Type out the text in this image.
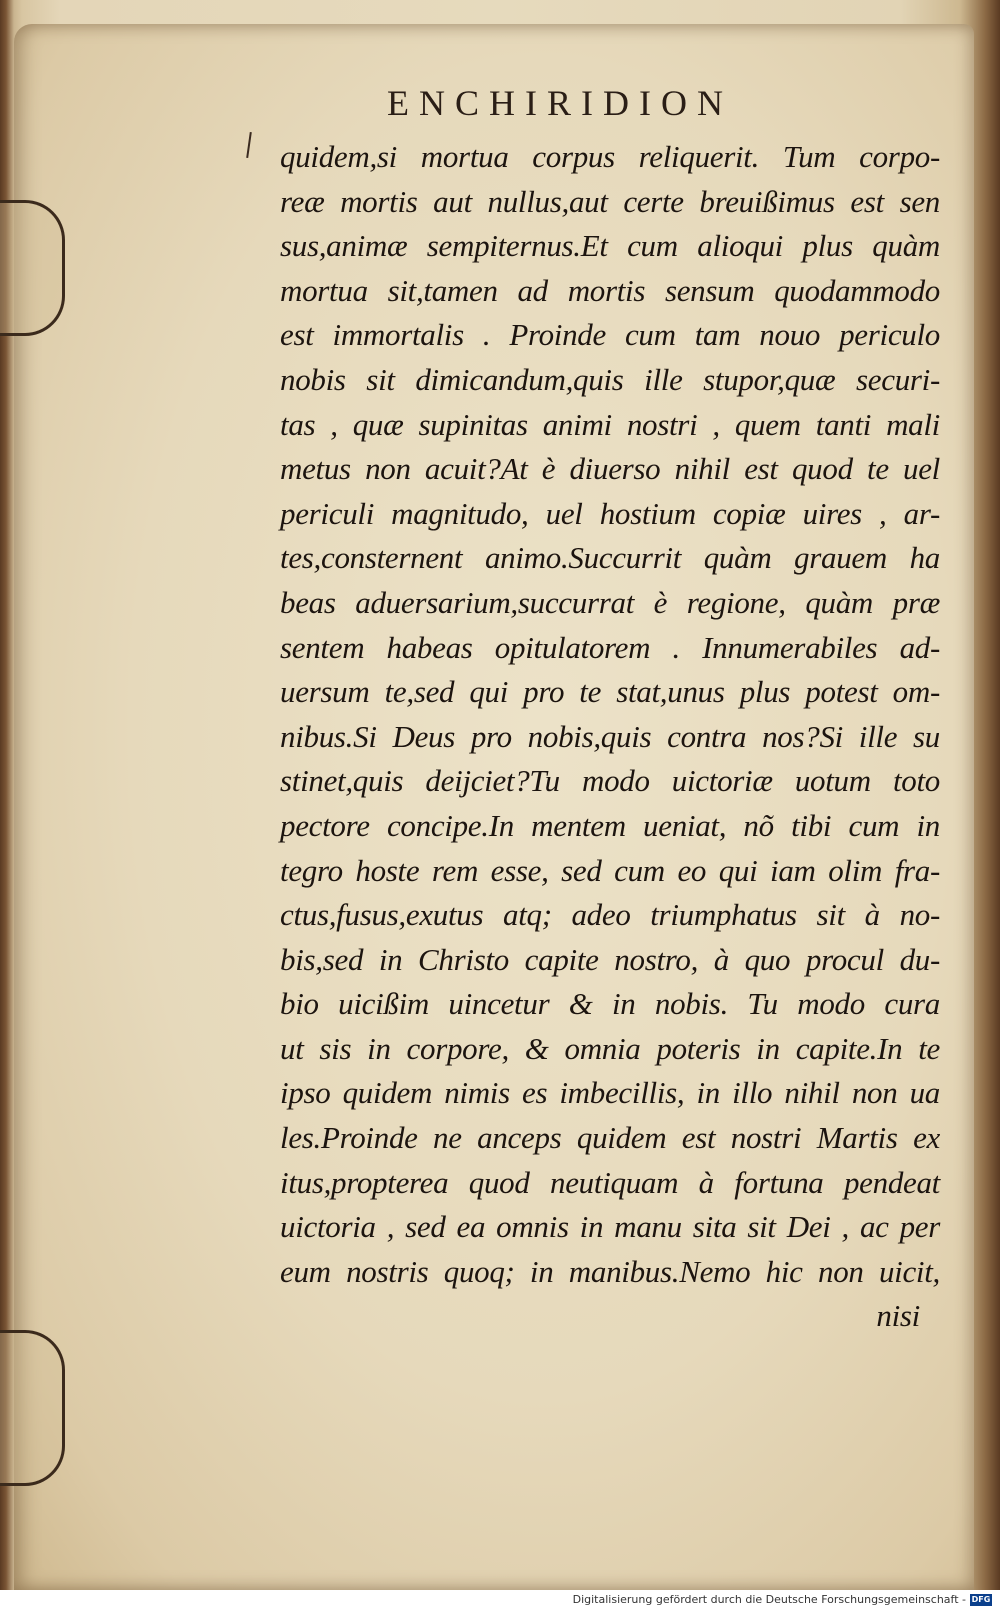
ENCHIRIDION
quidem,si mortua corpus reliquerit. Tum corpo-
reæ mortis aut nullus,aut certe breuißimus est sen
sus,animæ sempiternus.Et cum alioqui plus quàm
mortua sit,tamen ad mortis sensum quodammodo
est immortalis . Proinde cum tam nouo periculo
nobis sit dimicandum,quis ille stupor,quæ securi-
tas , quæ supinitas animi nostri , quem tanti mali
metus non acuit?At è diuerso nihil est quod te uel
periculi magnitudo, uel hostium copiæ uires , ar-
tes,consternent animo.Succurrit quàm grauem ha
beas aduersarium,succurrat è regione, quàm præ
sentem habeas opitulatorem . Innumerabiles ad-
uersum te,sed qui pro te stat,unus plus potest om-
nibus.Si Deus pro nobis,quis contra nos?Si ille su
stinet,quis deijciet?Tu modo uictoriæ uotum toto
pectore concipe.In mentem ueniat, nõ tibi cum in
tegro hoste rem esse, sed cum eo qui iam olim fra-
ctus,fusus,exutus atq; adeo triumphatus sit à no-
bis,sed in Christo capite nostro, à quo procul du-
bio uicißim uincetur & in nobis. Tu modo cura
ut sis in corpore, & omnia poteris in capite.In te
ipso quidem nimis es imbecillis, in illo nihil non ua
les.Proinde ne anceps quidem est nostri Martis ex
itus,propterea quod neutiquam à fortuna pendeat
uictoria , sed ea omnis in manu sita sit Dei , ac per
eum nostris quoq; in manibus.Nemo hic non uicit,
nisi
Digitalisierung gefördert durch die Deutsche Forschungsgemeinschaft - DFG
